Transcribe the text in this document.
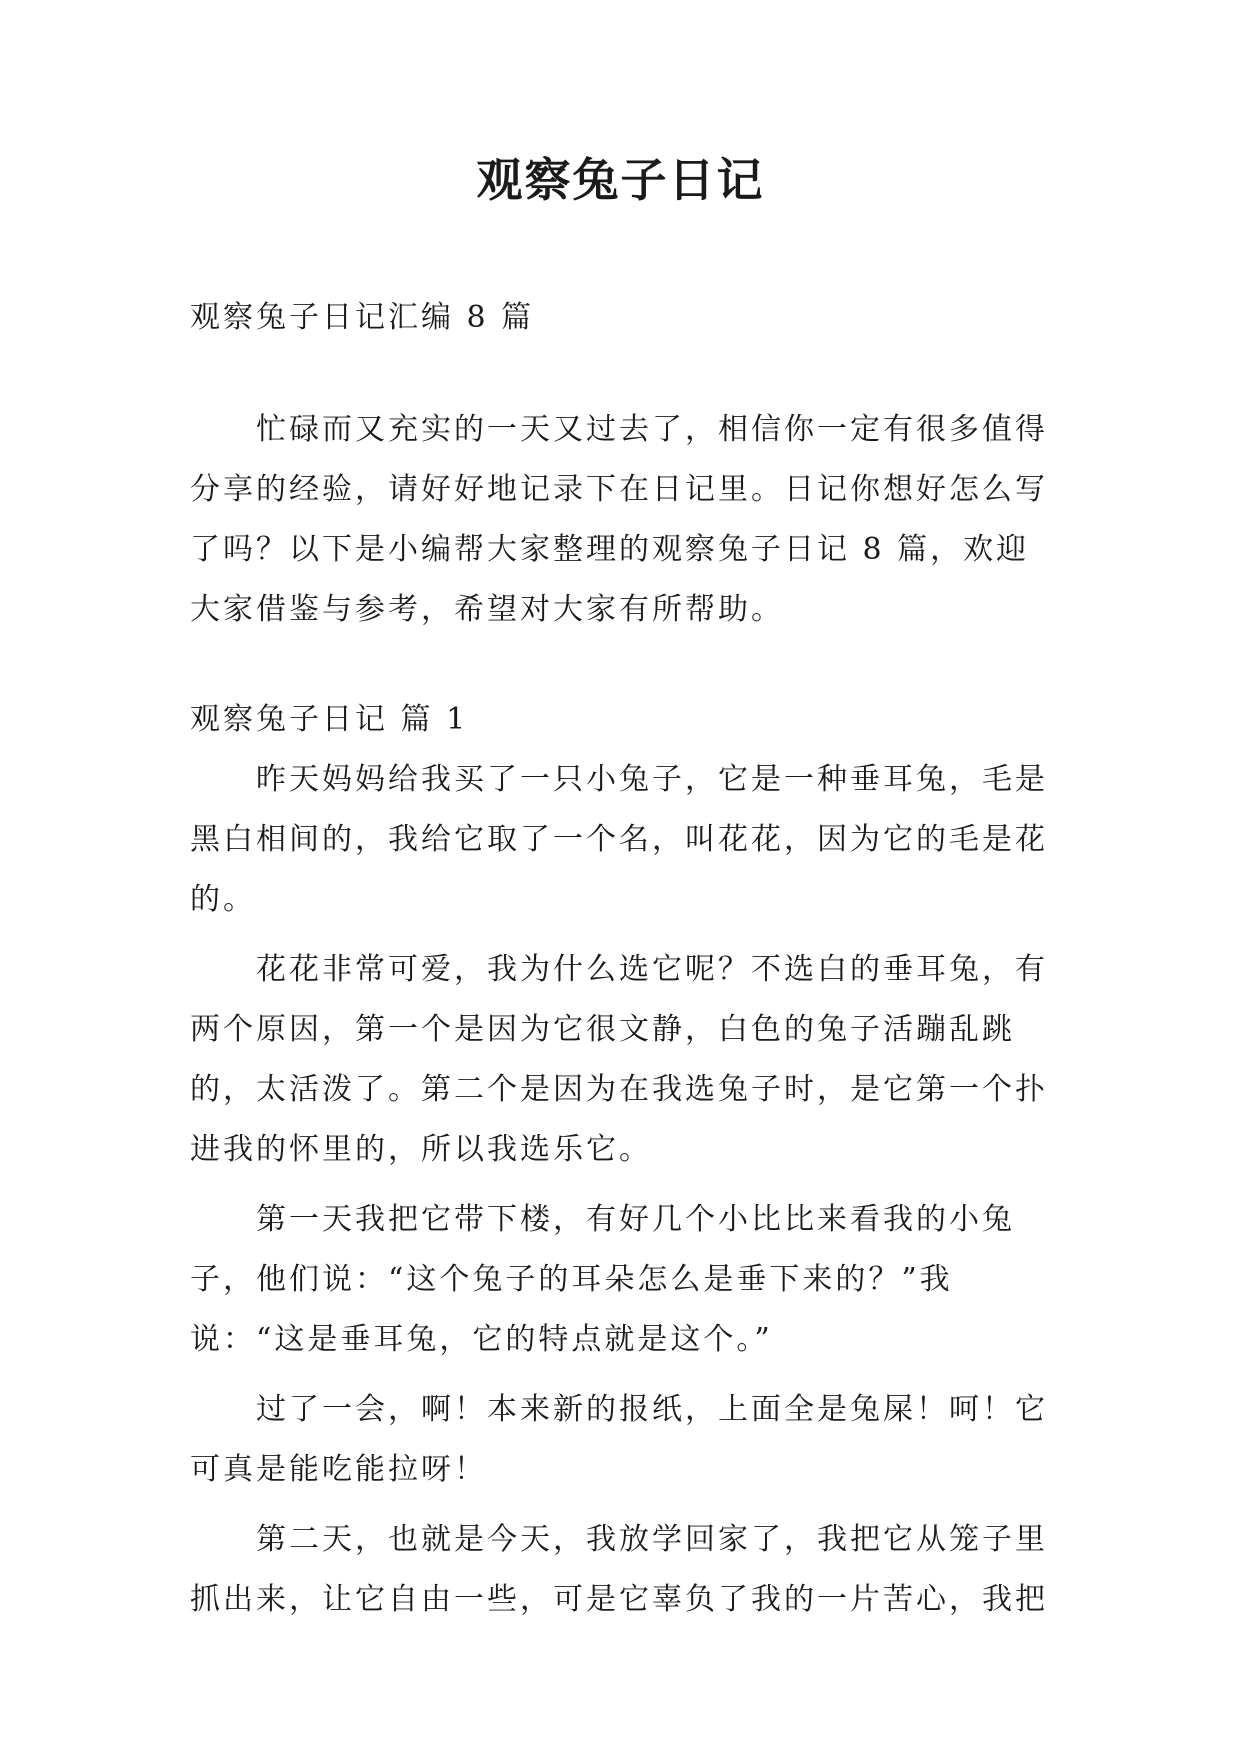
观察兔子日记

观察兔子日记汇编 8 篇

忙碌而又充实的一天又过去了，相信你一定有很多值得分享的经验，请好好地记录下在日记里。日记你想好怎么写了吗？以下是小编帮大家整理的观察兔子日记 8 篇，欢迎大家借鉴与参考，希望对大家有所帮助。

观察兔子日记 篇 1

昨天妈妈给我买了一只小兔子，它是一种垂耳兔，毛是黑白相间的，我给它取了一个名，叫花花，因为它的毛是花的。

花花非常可爱，我为什么选它呢？不选白的垂耳兔，有两个原因，第一个是因为它很文静，白色的兔子活蹦乱跳的，太活泼了。第二个是因为在我选兔子时，是它第一个扑进我的怀里的，所以我选乐它。

第一天我把它带下楼，有好几个小比比来看我的小兔子，他们说：“这个兔子的耳朵怎么是垂下来的？”我说：“这是垂耳兔，它的特点就是这个。”

过了一会，啊！本来新的报纸，上面全是兔屎！呵！它可真是能吃能拉呀！

第二天，也就是今天，我放学回家了，我把它从笼子里抓出来，让它自由一些，可是它辜负了我的一片苦心，我把
